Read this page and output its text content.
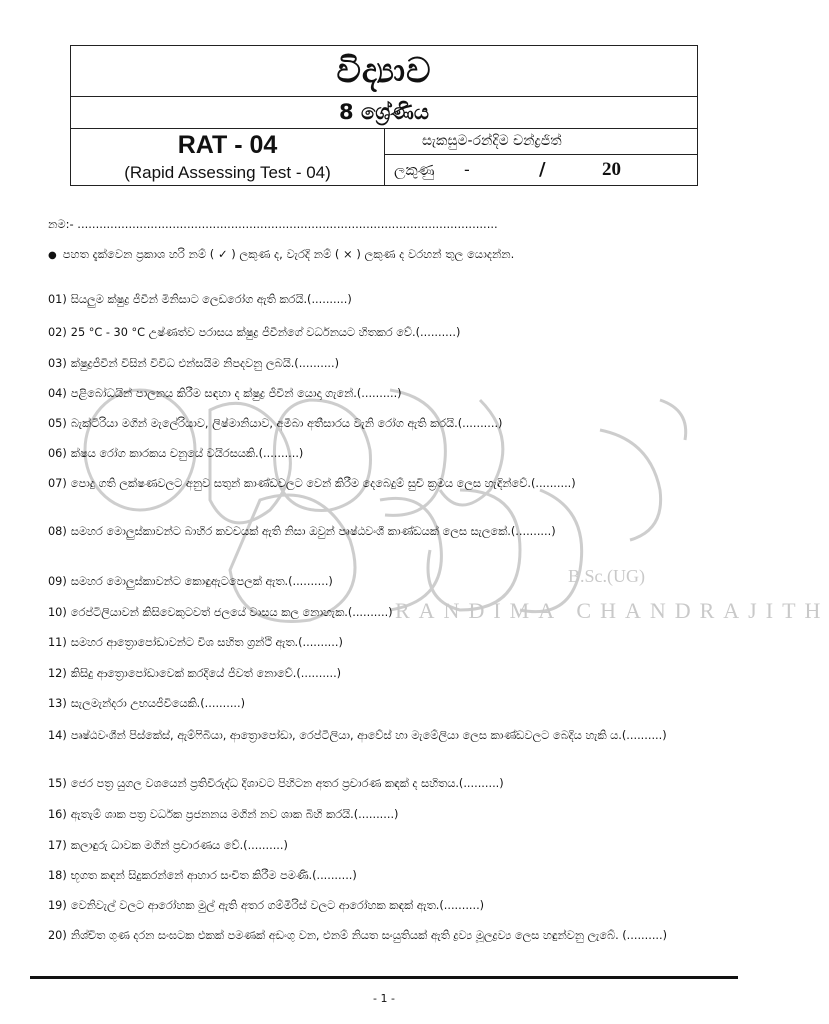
විද්‍යාව
8 ශ්‍රේණිය
RAT - 04
(Rapid Assessing Test - 04)
සැකසුම-රන්දිම චන්ද්‍රජිත්
ලකුණු -	/	20
B.Sc.(UG)
RANDIMA CHANDRAJITH
නම:- ...................................................................................................................
● පහත දැක්වෙන ප්‍රකාශ හරි නම් ( ✓ ) ලකුණ ද, වැරදි නම් ( × ) ලකුණ ද වරහන් තුල යොදන්න.

01) සියලුම ක්ෂුද්‍ර ජීවීන් මිනිසාට ලෙඩරෝග ඇති කරයි.(..........)

02) 25 °C - 30 °C උෂ්ණත්ව පරාසය ක්ෂුද්‍ර ජීවීන්ගේ වර්ධනයට හිතකර වේ.(..........)

03) ක්ෂුද්‍රජීවීන් විසින් විවිධ එන්සයිම නිපදවනු ලබයි.(..........)

04) පළිබෝධයින් පාලනය කිරීම සඳහා ද ක්ෂුද්‍ර ජීවීන් යොදා ගැනේ.(..........)

05) බැක්ටීරියා මගින් මැලේරියාව, ලිෂ්මානියාව, අමීබා අතීසාරය වැනි රෝග ඇති කරයි.(..........)

06) ක්ෂය රෝග කාරකය චනුයේ වයිරසයකි.(..........)

07) පොදු ගති ලක්ෂණවලට අනුව සතුන් කාණ්ඩවලට වෙන් කිරීම දෙබෙදුම් සුචි ක්‍රමය ලෙස හැඳින්වේ.(..........)

08) සමහර මොලුස්කාවන්ට බාහිර කවචයක් ඇති නිසා ඔවුන් පෘෂ්ඨවංශී කාණ්ඩයක් ලෙස සැලකේ.(..........)

09) සමහර මොලුස්කාවන්ට කොඳුඇටපෙලක් ඇත.(..........)

10) රෙප්ටිලියාවන් කිසිවෙකුටවත් ජලයේ වාසය කල නොහැක.(..........)

11) සමහර ආත්‍රොපෝඩාවන්ට විශ සහිත ග්‍රන්ථි ඇත.(..........)

12) කිසිදු ආත්‍රොපෝඩාවෙක් කරදියේ ජීවත් නොවේ.(..........)

13) සැලමැන්දරා උභයජීවියෙකි.(..........)

14) පෘෂ්ඨවංශීන් පිස්කේස්, ඇම්ෆිබියා, ආත්‍රොපෝඩා, රෙප්ටීලියා, ආවේස් හා මැමේලියා ලෙස කාණ්ඩවලට බෙදිය හැකි ය.(..........)

15) ජෙර පත්‍ර යුගල වශයෙන් ප්‍රතිවිරුද්ධ දිශාවට පිහිටන අතර ප්‍රචාරණ කඳක් ද සහිතය.(..........)

16) ඇතැම් ශාක පත්‍ර වර්ධක ප්‍රජනනය මගින් නව ශාක බිහි කරයි.(..........)

17) කලාඳුරු ධාවක මගින් ප්‍රචාරණය වේ.(..........)

18) භූගත කඳන් සිදුකරන්නේ ආහාර සංචිත කිරීම පමණි.(..........)

19) වෙනිවැල් වලට ආරෝහක මුල් ඇති අතර ගම්මිරිස් වලට ආරෝහක කඳක් ඇත.(..........)

20) නිශ්චිත ගුණ දරන සංඝටක එකක් පමණක් අඩංගු වන, එනම් නියත සංයුතියක් ඇති ද්‍රව්‍ය මූලද්‍රව්‍ය ලෙස හඳුන්වනු ලැබේ. (..........)

- 1 -
